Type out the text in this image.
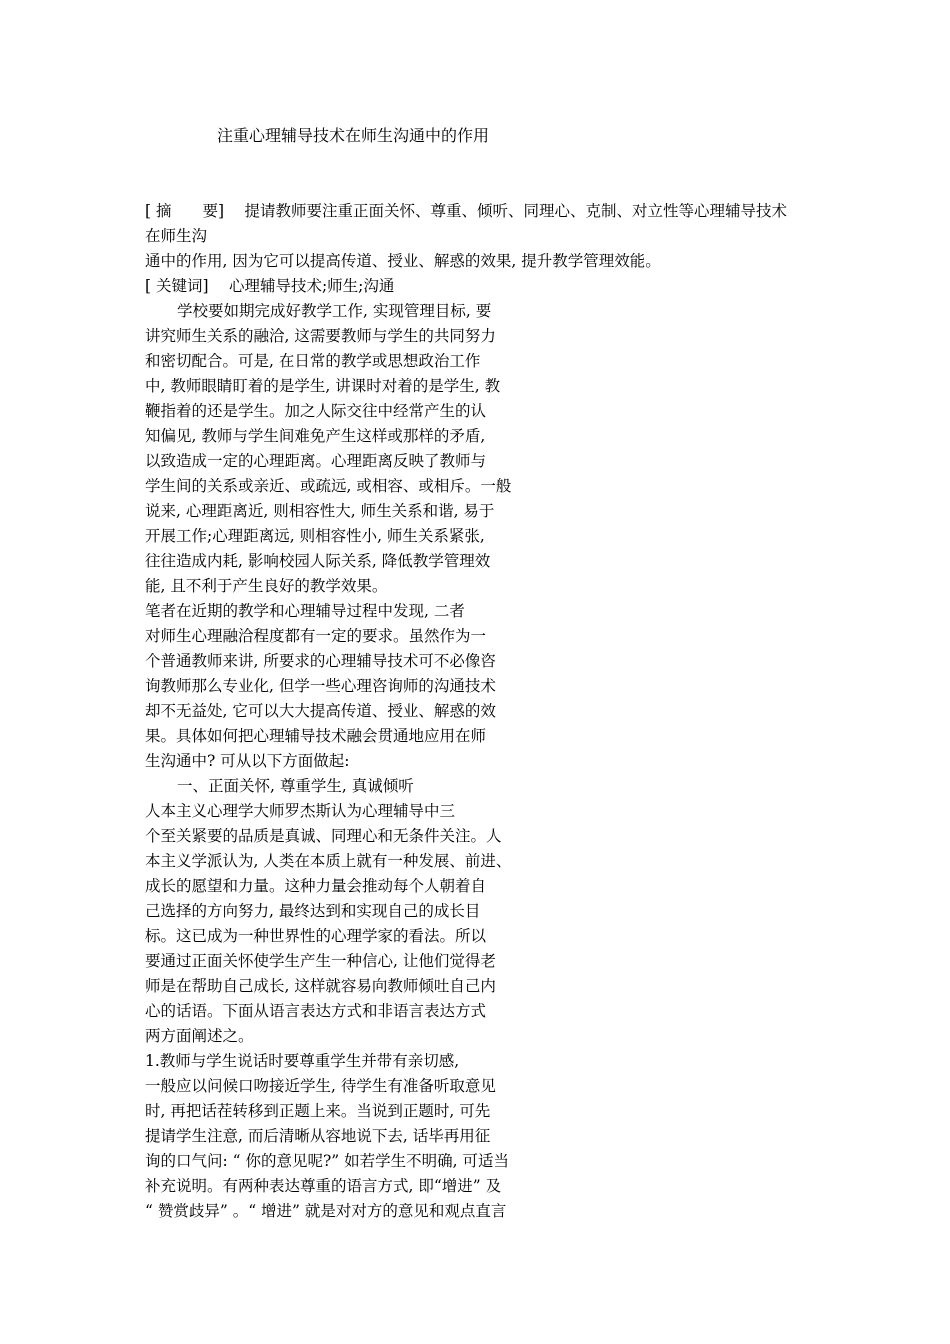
注重心理辅导技术在师生沟通中的作用
[ 摘　　要]　 提请教师要注重正面关怀、尊重、倾听、同理心、克制、对立性等心理辅导技术
在师生沟
通中的作用, 因为它可以提高传道、授业、解惑的效果, 提升教学管理效能。
[ 关键词]　 心理辅导技术;师生;沟通
学校要如期完成好教学工作, 实现管理目标, 要
讲究师生关系的融洽, 这需要教师与学生的共同努力
和密切配合。可是, 在日常的教学或思想政治工作
中, 教师眼睛盯着的是学生, 讲课时对着的是学生, 教
鞭指着的还是学生。加之人际交往中经常产生的认
知偏见, 教师与学生间难免产生这样或那样的矛盾,
以致造成一定的心理距离。心理距离反映了教师与
学生间的关系或亲近、或疏远, 或相容、或相斥。一般
说来, 心理距离近, 则相容性大, 师生关系和谐, 易于
开展工作;心理距离远, 则相容性小, 师生关系紧张,
往往造成内耗, 影响校园人际关系, 降低教学管理效
能, 且不利于产生良好的教学效果。
笔者在近期的教学和心理辅导过程中发现, 二者
对师生心理融洽程度都有一定的要求。虽然作为一
个普通教师来讲, 所要求的心理辅导技术可不必像咨
询教师那么专业化, 但学一些心理咨询师的沟通技术
却不无益处, 它可以大大提高传道、授业、解惑的效
果。具体如何把心理辅导技术融会贯通地应用在师
生沟通中? 可从以下方面做起:
一、正面关怀, 尊重学生, 真诚倾听
人本主义心理学大师罗杰斯认为心理辅导中三
个至关紧要的品质是真诚、同理心和无条件关注。人
本主义学派认为, 人类在本质上就有一种发展、前进、
成长的愿望和力量。这种力量会推动每个人朝着自
己选择的方向努力, 最终达到和实现自己的成长目
标。这已成为一种世界性的心理学家的看法。所以
要通过正面关怀使学生产生一种信心, 让他们觉得老
师是在帮助自己成长, 这样就容易向教师倾吐自己内
心的话语。下面从语言表达方式和非语言表达方式
两方面阐述之。
1.教师与学生说话时要尊重学生并带有亲切感,
一般应以问候口吻接近学生, 待学生有准备听取意见
时, 再把话茬转移到正题上来。当说到正题时, 可先
提请学生注意, 而后清晰从容地说下去, 话毕再用征
询的口气问: “ 你的意见呢?” 如若学生不明确, 可适当
补充说明。有两种表达尊重的语言方式, 即“增进” 及
“ 赞赏歧异” 。“ 增进” 就是对对方的意见和观点直言
